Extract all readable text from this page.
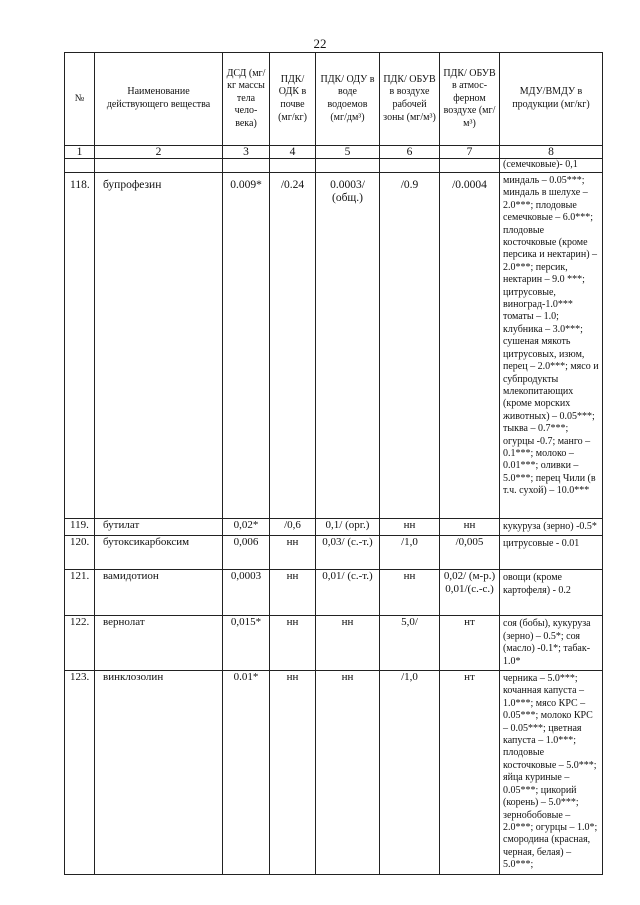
22
№	Наименование действующего вещества	ДСД (мг/кг массы тела чело-века)	ПДК/ ОДК в почве (мг/кг)	ПДК/ ОДУ в воде водоемов (мг/дм³)	ПДК/ ОБУВ в воздухе рабочей зоны (мг/м³)	ПДК/ ОБУВ в атмос-ферном воздухе (мг/м³)	МДУ/ВМДУ в продукции (мг/кг)
1	2	3	4	5	6	7	8
							(семечковые)- 0,1
118.	бупрофезин	0.009*	/0.24	0.0003/ (общ.)	/0.9	/0.0004	миндаль – 0.05***; миндаль в шелухе – 2.0***; плодовые семечковые – 6.0***; плодовые косточковые (кроме персика и нектарин) – 2.0***; персик, нектарин – 9.0 ***; цитрусовые, виноград-1.0*** томаты – 1.0; клубника – 3.0***; сушеная мякоть цитрусовых, изюм, перец – 2.0***; мясо и субпродукты млекопитающих (кроме морских животных) – 0.05***; тыква – 0.7***; огурцы -0.7; манго – 0.1***; молоко – 0.01***; оливки – 5.0***; перец Чили (в т.ч. сухой) – 10.0***
119.	бутилат	0,02*	/0,6	0,1/ (орг.)	нн	нн	кукуруза (зерно) -0.5*
120.	бутоксикарбоксим	0,006	нн	0,03/ (с.-т.)	/1,0	/0,005	цитрусовые - 0.01
121.	вамидотион	0,0003	нн	0,01/ (с.-т.)	нн	0,02/ (м-р.) 0,01/(с.-с.)	овощи (кроме картофеля) - 0.2
122.	вернолат	0,015*	нн	нн	5,0/	нт	соя (бобы), кукуруза (зерно) – 0.5*; соя (масло) -0.1*; табак- 1.0*
123.	винклозолин	0.01*	нн	нн	/1,0	нт	черника – 5.0***; кочанная капуста – 1.0***; мясо КРС – 0.05***; молоко КРС – 0.05***; цветная капуста – 1.0***; плодовые косточковые – 5.0***; яйца куриные – 0.05***; цикорий (корень) – 5.0***; зернобобовые – 2.0***; огурцы – 1.0*; смородина (красная, черная, белая) – 5.0***;
